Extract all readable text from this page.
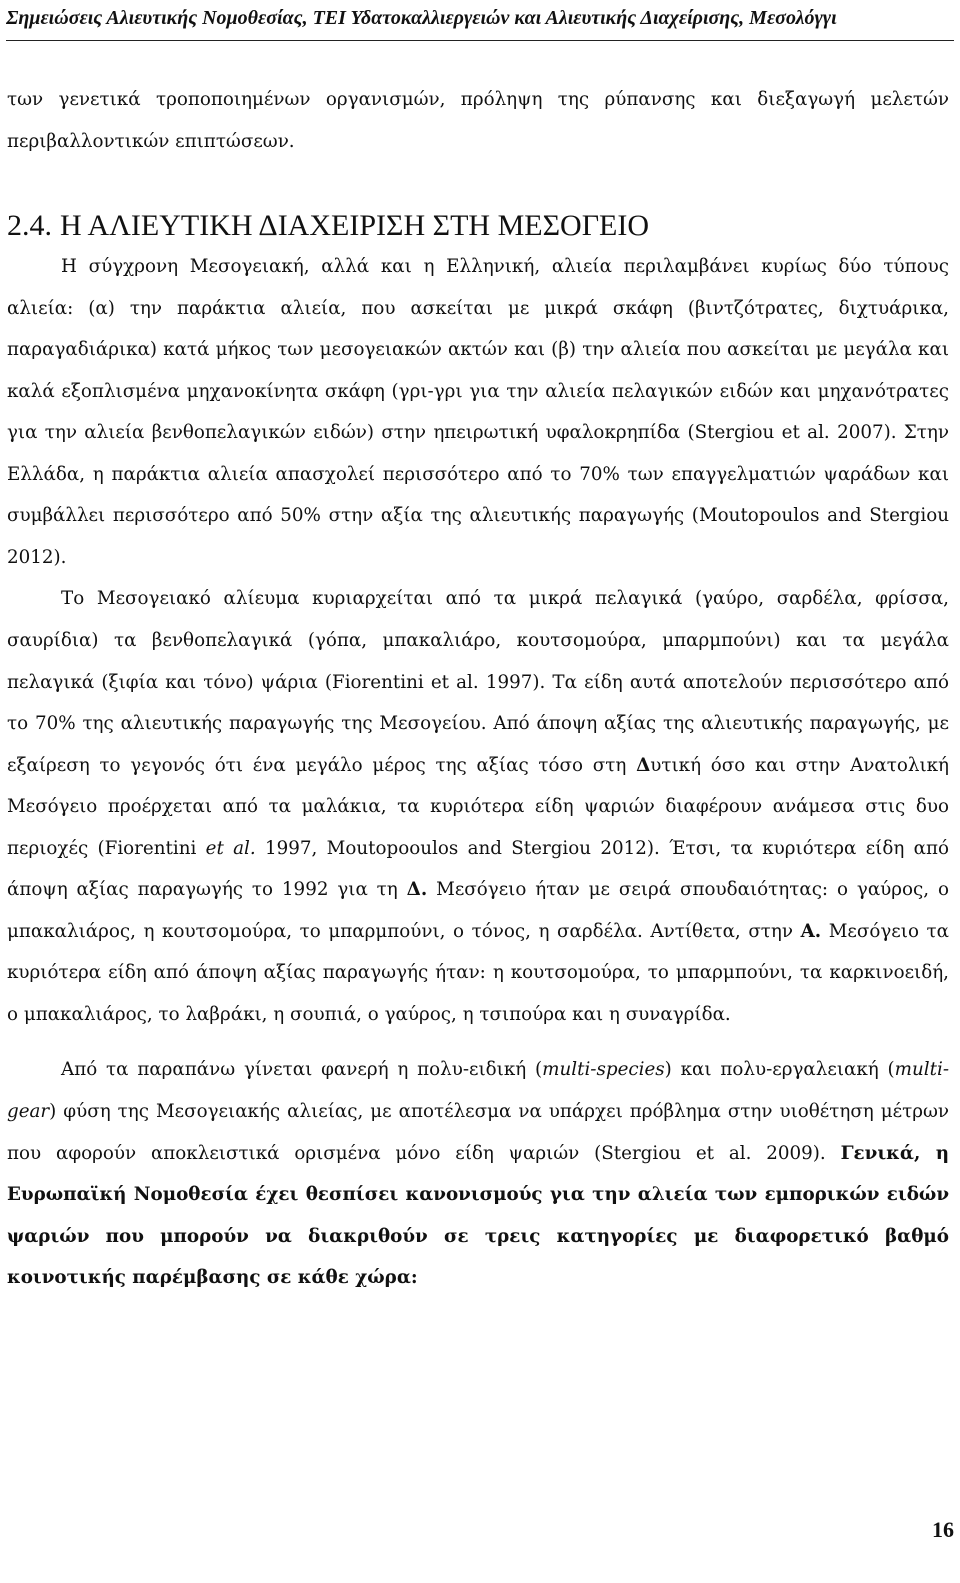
Σημειώσεις Αλιευτικής Νομοθεσίας, ΤΕΙ Υδατοκαλλιεργειών και Αλιευτικής Διαχείρισης, Μεσολόγγι

των γενετικά τροποποιημένων οργανισμών, πρόληψη της ρύπανσης και διεξαγωγή μελετών περιβαλλοντικών επιπτώσεων.

2.4. Η ΑΛΙΕΥΤΙΚΗ ΔΙΑΧΕΙΡΙΣΗ ΣΤΗ ΜΕΣΟΓΕΙΟ

Η σύγχρονη Μεσογειακή, αλλά και η Ελληνική, αλιεία περιλαμβάνει κυρίως δύο τύπους αλιεία: (α) την παράκτια αλιεία, που ασκείται με μικρά σκάφη (βιντζότρατες, διχτυάρικα, παραγαδιάρικα) κατά μήκος των μεσογειακών ακτών και (β) την αλιεία που ασκείται με μεγάλα και καλά εξοπλισμένα μηχανοκίνητα σκάφη (γρι-γρι για την αλιεία πελαγικών ειδών και μηχανότρατες για την αλιεία βενθοπελαγικών ειδών) στην ηπειρωτική υφαλοκρηπίδα (Stergiou et al. 2007). Στην Ελλάδα, η παράκτια αλιεία απασχολεί περισσότερο από το 70% των επαγγελματιών ψαράδων και συμβάλλει περισσότερο από 50% στην αξία της αλιευτικής παραγωγής (Moutopoulos and Stergiou 2012).

Το Μεσογειακό αλίευμα κυριαρχείται από τα μικρά πελαγικά (γαύρο, σαρδέλα, φρίσσα, σαυρίδια) τα βενθοπελαγικά (γόπα, μπακαλιάρο, κουτσομούρα, μπαρμπούνι) και τα μεγάλα πελαγικά (ξιφία και τόνο) ψάρια (Fiorentini et al. 1997). Τα είδη αυτά αποτελούν περισσότερο από το 70% της αλιευτικής παραγωγής της Μεσογείου. Από άποψη αξίας της αλιευτικής παραγωγής, με εξαίρεση το γεγονός ότι ένα μεγάλο μέρος της αξίας τόσο στη Δυτική όσο και στην Ανατολική Μεσόγειο προέρχεται από τα μαλάκια, τα κυριότερα είδη ψαριών διαφέρουν ανάμεσα στις δυο περιοχές (Fiorentini et al. 1997, Moutopooulos and Stergiou 2012). Έτσι, τα κυριότερα είδη από άποψη αξίας παραγωγής το 1992 για τη Δ. Μεσόγειο ήταν με σειρά σπουδαιότητας: ο γαύρος, ο μπακαλιάρος, η κουτσομούρα, το μπαρμπούνι, ο τόνος, η σαρδέλα. Αντίθετα, στην Α. Μεσόγειο τα κυριότερα είδη από άποψη αξίας παραγωγής ήταν: η κουτσομούρα, το μπαρμπούνι, τα καρκινοειδή, ο μπακαλιάρος, το λαβράκι, η σουπιά, ο γαύρος, η τσιπούρα και η συναγρίδα.

Από τα παραπάνω γίνεται φανερή η πολυ-ειδική (multi-species) και πολυ-εργαλειακή (multi-gear) φύση της Μεσογειακής αλιείας, με αποτέλεσμα να υπάρχει πρόβλημα στην υιοθέτηση μέτρων που αφορούν αποκλειστικά ορισμένα μόνο είδη ψαριών (Stergiou et al. 2009). Γενικά, η Ευρωπαϊκή Νομοθεσία έχει θεσπίσει κανονισμούς για την αλιεία των εμπορικών ειδών ψαριών που μπορούν να διακριθούν σε τρεις κατηγορίες με διαφορετικό βαθμό κοινοτικής παρέμβασης σε κάθε χώρα:

16
